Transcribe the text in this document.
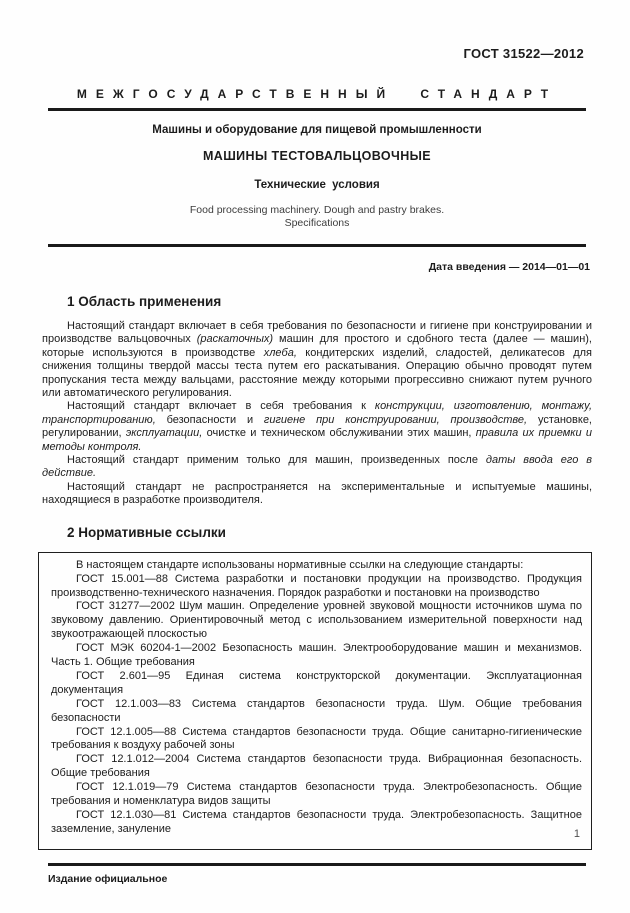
ГОСТ 31522—2012
МЕЖГОСУДАРСТВЕННЫЙ СТАНДАРТ
Машины и оборудование для пищевой промышленности
МАШИНЫ ТЕСТОВАЛЬЦОВОЧНЫЕ
Технические условия
Food processing machinery. Dough and pastry brakes.
Specifications
Дата введения — 2014—01—01
1 Область применения

Настоящий стандарт включает в себя требования по безопасности и гигиене при конструировании и производстве вальцовочных (раскаточных) машин для простого и сдобного теста (далее — машин), которые используются в производстве хлеба, кондитерских изделий, сладостей, деликатесов для снижения толщины твердой массы теста путем его раскатывания. Операцию обычно проводят путем пропускания теста между вальцами, расстояние между которыми прогрессивно снижают путем ручного или автоматического регулирования.

Настоящий стандарт включает в себя требования к конструкции, изготовлению, монтажу, транспортированию, безопасности и гигиене при конструировании, производстве, установке, регулировании, эксплуатации, очистке и техническом обслуживании этих машин, правила их приемки и методы контроля.

Настоящий стандарт применим только для машин, произведенных после даты ввода его в действие.

Настоящий стандарт не распространяется на экспериментальные и испытуемые машины, находящиеся в разработке производителя.

2 Нормативные ссылки

В настоящем стандарте использованы нормативные ссылки на следующие стандарты:

ГОСТ 15.001—88 Система разработки и постановки продукции на производство. Продукция производственно-технического назначения. Порядок разработки и постановки на производство

ГОСТ 31277—2002 Шум машин. Определение уровней звуковой мощности источников шума по звуковому давлению. Ориентировочный метод с использованием измерительной поверхности над звукоотражающей плоскостью

ГОСТ МЭК 60204-1—2002 Безопасность машин. Электрооборудование машин и механизмов. Часть 1. Общие требования

ГОСТ 2.601—95 Единая система конструкторской документации. Эксплуатационная документация

ГОСТ 12.1.003—83 Система стандартов безопасности труда. Шум. Общие требования безопасности

ГОСТ 12.1.005—88 Система стандартов безопасности труда. Общие санитарно-гигиенические требования к воздуху рабочей зоны

ГОСТ 12.1.012—2004 Система стандартов безопасности труда. Вибрационная безопасность. Общие требования

ГОСТ 12.1.019—79 Система стандартов безопасности труда. Электробезопасность. Общие требования и номенклатура видов защиты

ГОСТ 12.1.030—81 Система стандартов безопасности труда. Электробезопасность. Защитное заземление, зануление

Издание официальное
1
